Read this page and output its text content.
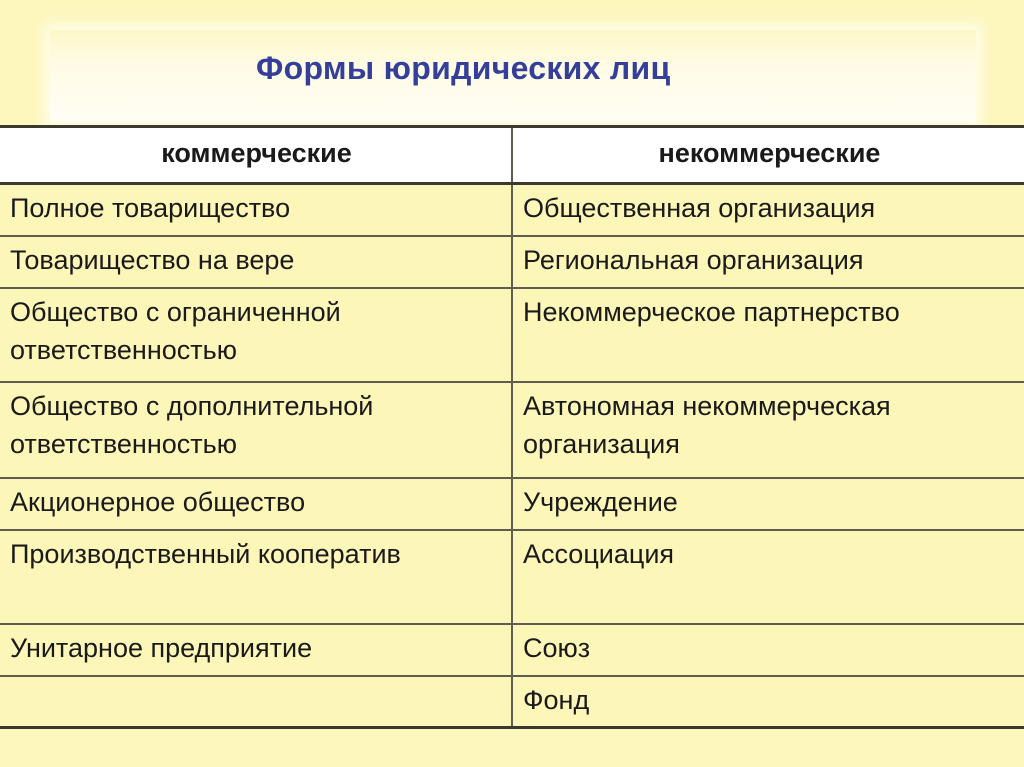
Формы юридических лиц
коммерческие	некоммерческие
Полное товарищество	Общественная организация
Товарищество на вере	Региональная организация
Общество с ограниченной ответственностью	Некоммерческое партнерство
Общество с дополнительной ответственностью	Автономная некоммерческая организация
Акционерное общество	Учреждение
Производственный кооператив	Ассоциация
Унитарное предприятие	Союз
	Фонд
